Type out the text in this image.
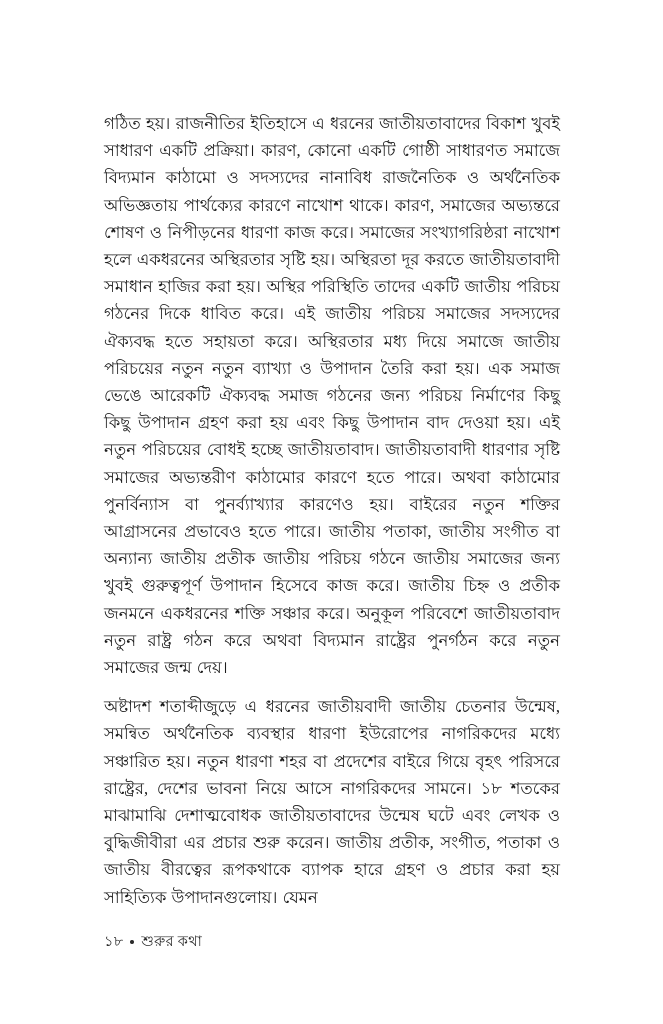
গঠিত হয়। রাজনীতির ইতিহাসে এ ধরনের জাতীয়তাবাদের বিকাশ খুবই সাধারণ একটি প্রক্রিয়া। কারণ, কোনো একটি গোষ্ঠী সাধারণত সমাজে বিদ্যমান কাঠামো ও সদস্যদের নানাবিধ রাজনৈতিক ও অর্থনৈতিক অভিজ্ঞতায় পার্থক্যের কারণে নাখোশ থাকে। কারণ, সমাজের অভ্যন্তরে শোষণ ও নিপীড়নের ধারণা কাজ করে। সমাজের সংখ্যাগরিষ্ঠরা নাখোশ হলে একধরনের অস্থিরতার সৃষ্টি হয়। অস্থিরতা দূর করতে জাতীয়তাবাদী সমাধান হাজির করা হয়। অস্থির পরিস্থিতি তাদের একটি জাতীয় পরিচয় গঠনের দিকে ধাবিত করে। এই জাতীয় পরিচয় সমাজের সদস্যদের ঐক্যবদ্ধ হতে সহায়তা করে। অস্থিরতার মধ্য দিয়ে সমাজে জাতীয় পরিচয়ের নতুন নতুন ব্যাখ্যা ও উপাদান তৈরি করা হয়। এক সমাজ ভেঙে আরেকটি ঐক্যবদ্ধ সমাজ গঠনের জন্য পরিচয় নির্মাণের কিছু কিছু উপাদান গ্রহণ করা হয় এবং কিছু উপাদান বাদ দেওয়া হয়। এই নতুন পরিচয়ের বোধই হচ্ছে জাতীয়তাবাদ। জাতীয়তাবাদী ধারণার সৃষ্টি সমাজের অভ্যন্তরীণ কাঠামোর কারণে হতে পারে। অথবা কাঠামোর পুনর্বিন্যাস বা পুনর্ব্যাখ্যার কারণেও হয়। বাইরের নতুন শক্তির আগ্রাসনের প্রভাবেও হতে পারে। জাতীয় পতাকা, জাতীয় সংগীত বা অন্যান্য জাতীয় প্রতীক জাতীয় পরিচয় গঠনে জাতীয় সমাজের জন্য খুবই গুরুত্বপূর্ণ উপাদান হিসেবে কাজ করে। জাতীয় চিহ্ন ও প্রতীক জনমনে একধরনের শক্তি সঞ্চার করে। অনুকূল পরিবেশে জাতীয়তাবাদ নতুন রাষ্ট্র গঠন করে অথবা বিদ্যমান রাষ্ট্রের পুনর্গঠন করে নতুন সমাজের জন্ম দেয়।

অষ্টাদশ শতাব্দীজুড়ে এ ধরনের জাতীয়বাদী জাতীয় চেতনার উন্মেষ, সমন্বিত অর্থনৈতিক ব্যবস্থার ধারণা ইউরোপের নাগরিকদের মধ্যে সঞ্চারিত হয়। নতুন ধারণা শহর বা প্রদেশের বাইরে গিয়ে বৃহৎ পরিসরে রাষ্ট্রের, দেশের ভাবনা নিয়ে আসে নাগরিকদের সামনে। ১৮ শতকের মাঝামাঝি দেশাত্মবোধক জাতীয়তাবাদের উন্মেষ ঘটে এবং লেখক ও বুদ্ধিজীবীরা এর প্রচার শুরু করেন। জাতীয় প্রতীক, সংগীত, পতাকা ও জাতীয় বীরত্বের রূপকথাকে ব্যাপক হারে গ্রহণ ও প্রচার করা হয় সাহিত্যিক উপাদানগুলোয়। যেমন

১৮ শুরুর কথা
